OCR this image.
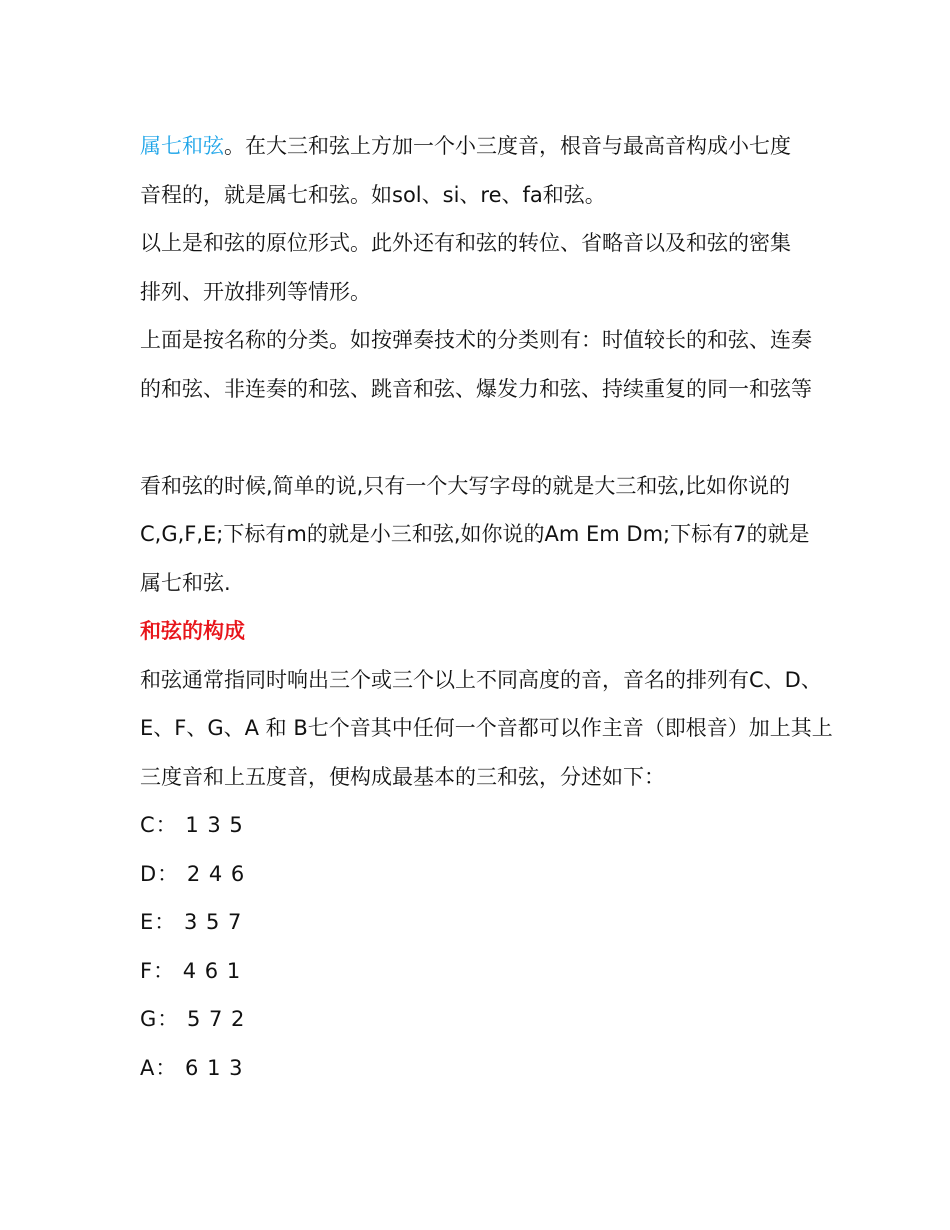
属七和弦。在大三和弦上方加一个小三度音，根音与最高音构成小七度
音程的，就是属七和弦。如sol、si、re、fa和弦。
以上是和弦的原位形式。此外还有和弦的转位、省略音以及和弦的密集
排列、开放排列等情形。
上面是按名称的分类。如按弹奏技术的分类则有：时值较长的和弦、连奏
的和弦、非连奏的和弦、跳音和弦、爆发力和弦、持续重复的同一和弦等
看和弦的时候,简单的说,只有一个大写字母的就是大三和弦,比如你说的
C,G,F,E;下标有m的就是小三和弦,如你说的Am Em Dm;下标有7的就是
属七和弦.
和弦的构成
和弦通常指同时响出三个或三个以上不同高度的音，音名的排列有C、D、
E、F、G、A 和 B七个音其中任何一个音都可以作主音（即根音）加上其上
三度音和上五度音，便构成最基本的三和弦，分述如下：
C： 1 3 5
D： 2 4 6
E： 3 5 7
F： 4 6 1
G： 5 7 2
A： 6 1 3
